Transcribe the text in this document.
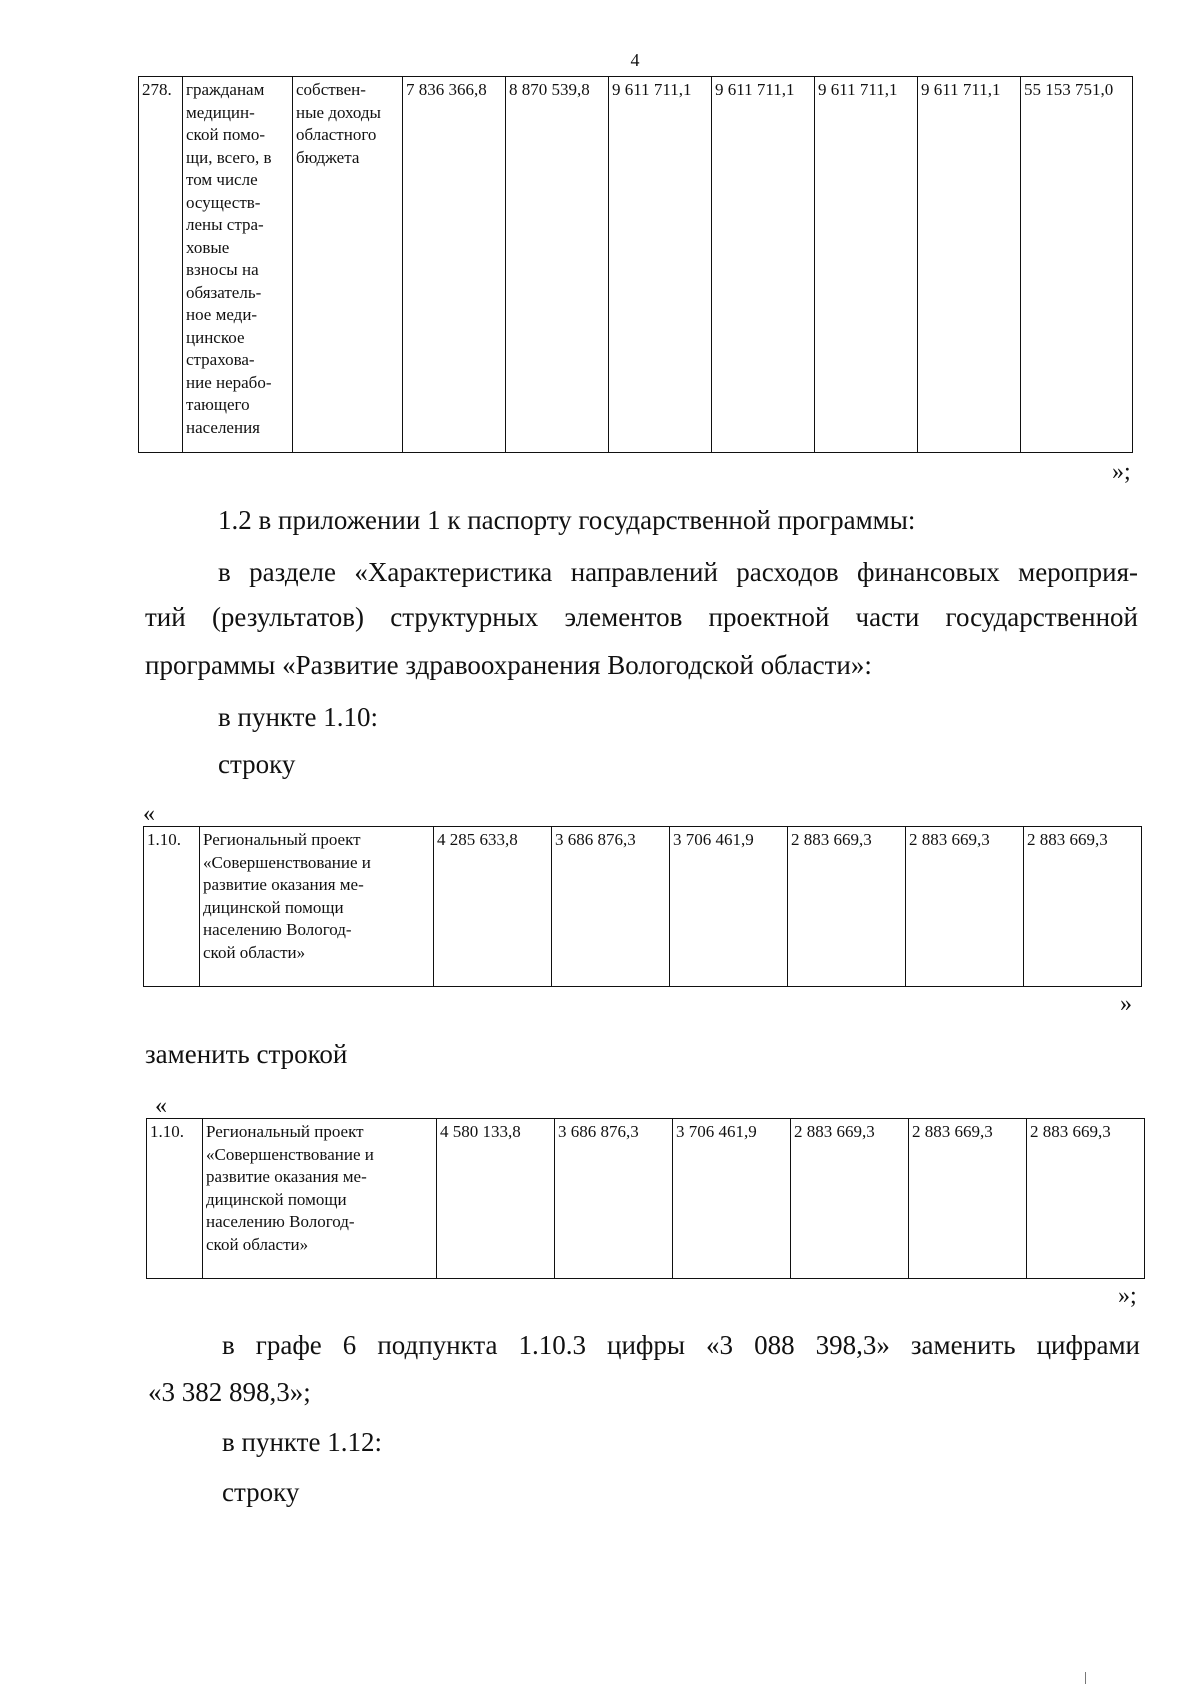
4
278.	гражданам
медицин-
ской помо-
щи, всего, в
том числе
осуществ-
лены стра-
ховые
взносы на
обязатель-
ное меди-
цинское
страхова-
ние нерабо-
тающего
населения	собствен-
ные доходы
областного
бюджета	7 836 366,8	8 870 539,8	9 611 711,1	9 611 711,1	9 611 711,1	9 611 711,1	55 153 751,0
»;

1.2 в приложении 1 к паспорту государственной программы:

в разделе «Характеристика направлений расходов финансовых мероприя-

тий (результатов) структурных элементов проектной части государственной

программы «Развитие здравоохранения Вологодской области»:

в пункте 1.10:

строку

«
1.10.	Региональный проект
«Совершенствование и
развитие оказания ме-
дицинской помощи
населению Вологод-
ской области»	4 285 633,8	3 686 876,3	3 706 461,9	2 883 669,3	2 883 669,3	2 883 669,3
»

заменить строкой

«
1.10.	Региональный проект
«Совершенствование и
развитие оказания ме-
дицинской помощи
населению Вологод-
ской области»	4 580 133,8	3 686 876,3	3 706 461,9	2 883 669,3	2 883 669,3	2 883 669,3
»;

в графе 6 подпункта 1.10.3 цифры «3 088 398,3» заменить цифрами

«3 382 898,3»;

в пункте 1.12:

строку
